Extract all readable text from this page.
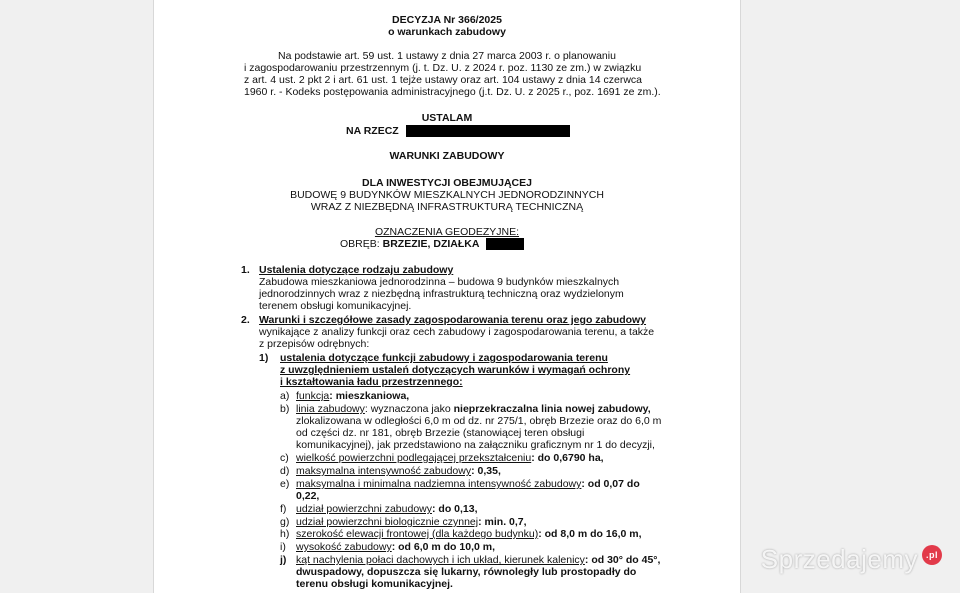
DECYZJA Nr 366/2025
o warunkach zabudowy
Na podstawie art. 59 ust. 1 ustawy z dnia 27 marca 2003 r. o planowaniu
i zagospodarowaniu przestrzennym (j. t. Dz. U. z 2024 r. poz. 1130 ze zm.) w związku
z art. 4 ust. 2 pkt 2 i art. 61 ust. 1 tejże ustawy oraz art. 104 ustawy z dnia 14 czerwca
1960 r. - Kodeks postępowania administracyjnego (j.t. Dz. U. z 2025 r., poz. 1691 ze zm.).
USTALAM
NA RZECZ
WARUNKI ZABUDOWY
DLA INWESTYCJI OBEJMUJĄCEJ
BUDOWĘ 9 BUDYNKÓW MIESZKALNYCH JEDNORODZINNYCH
WRAZ Z NIEZBĘDNĄ INFRASTRUKTURĄ TECHNICZNĄ
OZNACZENIA GEODEZYJNE:
OBRĘB: BRZEZIE, DZIAŁKA
1. Ustalenia dotyczące rodzaju zabudowy
Zabudowa mieszkaniowa jednorodzinna – budowa 9 budynków mieszkalnych
jednorodzinnych wraz z niezbędną infrastrukturą techniczną oraz wydzielonym
terenem obsługi komunikacyjnej.
2. Warunki i szczegółowe zasady zagospodarowania terenu oraz jego zabudowy
wynikające z analizy funkcji oraz cech zabudowy i zagospodarowania terenu, a także
z przepisów odrębnych:
1) ustalenia dotyczące funkcji zabudowy i zagospodarowania terenu
z uwzględnieniem ustaleń dotyczących warunków i wymagań ochrony
i kształtowania ładu przestrzennego:
a) funkcja: mieszkaniowa,
b) linia zabudowy: wyznaczona jako nieprzekraczalna linia nowej zabudowy,
zlokalizowana w odległości 6,0 m od dz. nr 275/1, obręb Brzezie oraz do 6,0 m
od części dz. nr 181, obręb Brzezie (stanowiącej teren obsługi
komunikacyjnej), jak przedstawiono na załączniku graficznym nr 1 do decyzji,
c) wielkość powierzchni podlegającej przekształceniu: do 0,6790 ha,
d) maksymalna intensywność zabudowy: 0,35,
e) maksymalna i minimalna nadziemna intensywność zabudowy: od 0,07 do
0,22,
f) udział powierzchni zabudowy: do 0,13,
g) udział powierzchni biologicznie czynnej: min. 0,7,
h) szerokość elewacji frontowej (dla każdego budynku): od 8,0 m do 16,0 m,
i) wysokość zabudowy: od 6,0 m do 10,0 m,
j) kąt nachylenia połaci dachowych i ich układ, kierunek kalenicy: od 30° do 45°,
dwuspadowy, dopuszcza się lukarny, równoległy lub prostopadły do
terenu obsługi komunikacyjnej.
Sprzedajemy .pl
